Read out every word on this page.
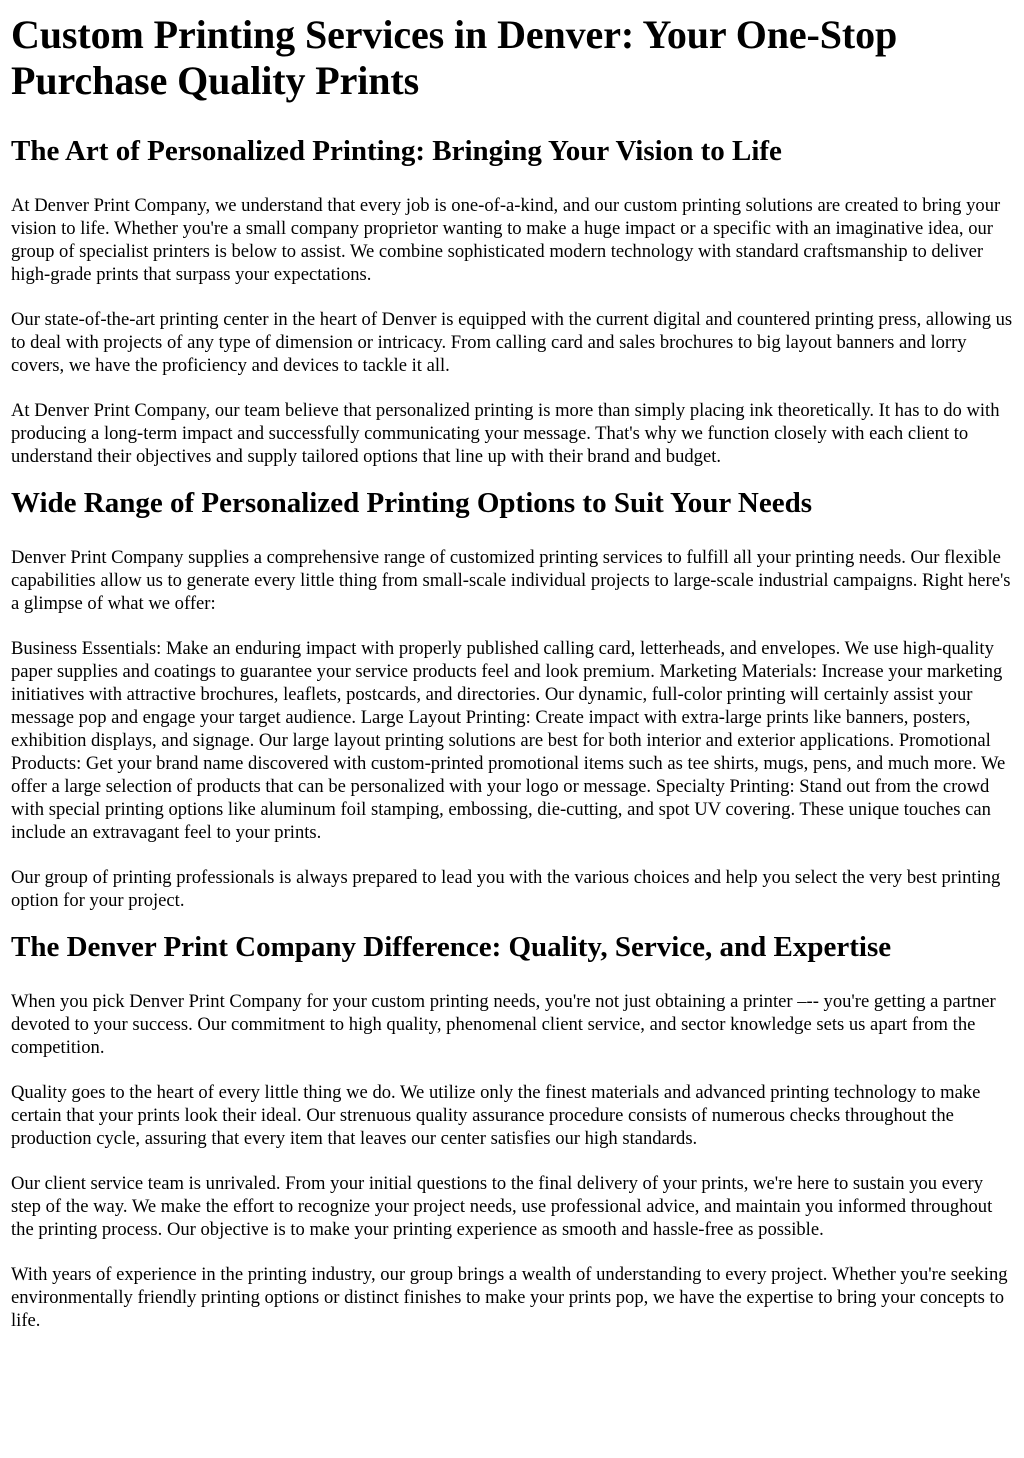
Custom Printing Services in Denver: Your One-Stop Purchase Quality Prints
The Art of Personalized Printing: Bringing Your Vision to Life

At Denver Print Company, we understand that every job is one-of-a-kind, and our custom printing solutions are created to bring your vision to life. Whether you're a small company proprietor wanting to make a huge impact or a specific with an imaginative idea, our group of specialist printers is below to assist. We combine sophisticated modern technology with standard craftsmanship to deliver high-grade prints that surpass your expectations.

Our state-of-the-art printing center in the heart of Denver is equipped with the current digital and countered printing press, allowing us to deal with projects of any type of dimension or intricacy. From calling card and sales brochures to big layout banners and lorry covers, we have the proficiency and devices to tackle it all.

At Denver Print Company, our team believe that personalized printing is more than simply placing ink theoretically. It has to do with producing a long-term impact and successfully communicating your message. That's why we function closely with each client to understand their objectives and supply tailored options that line up with their brand and budget.

Wide Range of Personalized Printing Options to Suit Your Needs

Denver Print Company supplies a comprehensive range of customized printing services to fulfill all your printing needs. Our flexible capabilities allow us to generate every little thing from small-scale individual projects to large-scale industrial campaigns. Right here's a glimpse of what we offer:

Business Essentials: Make an enduring impact with properly published calling card, letterheads, and envelopes. We use high-quality paper supplies and coatings to guarantee your service products feel and look premium. Marketing Materials: Increase your marketing initiatives with attractive brochures, leaflets, postcards, and directories. Our dynamic, full-color printing will certainly assist your message pop and engage your target audience. Large Layout Printing: Create impact with extra-large prints like banners, posters, exhibition displays, and signage. Our large layout printing solutions are best for both interior and exterior applications. Promotional Products: Get your brand name discovered with custom-printed promotional items such as tee shirts, mugs, pens, and much more. We offer a large selection of products that can be personalized with your logo or message. Specialty Printing: Stand out from the crowd with special printing options like aluminum foil stamping, embossing, die-cutting, and spot UV covering. These unique touches can include an extravagant feel to your prints.

Our group of printing professionals is always prepared to lead you with the various choices and help you select the very best printing option for your project.

The Denver Print Company Difference: Quality, Service, and Expertise

When you pick Denver Print Company for your custom printing needs, you're not just obtaining a printer –-- you're getting a partner devoted to your success. Our commitment to high quality, phenomenal client service, and sector knowledge sets us apart from the competition.

Quality goes to the heart of every little thing we do. We utilize only the finest materials and advanced printing technology to make certain that your prints look their ideal. Our strenuous quality assurance procedure consists of numerous checks throughout the production cycle, assuring that every item that leaves our center satisfies our high standards.

Our client service team is unrivaled. From your initial questions to the final delivery of your prints, we're here to sustain you every step of the way. We make the effort to recognize your project needs, use professional advice, and maintain you informed throughout the printing process. Our objective is to make your printing experience as smooth and hassle-free as possible.

With years of experience in the printing industry, our group brings a wealth of understanding to every project. Whether you're seeking environmentally friendly printing options or distinct finishes to make your prints pop, we have the expertise to bring your concepts to life.
